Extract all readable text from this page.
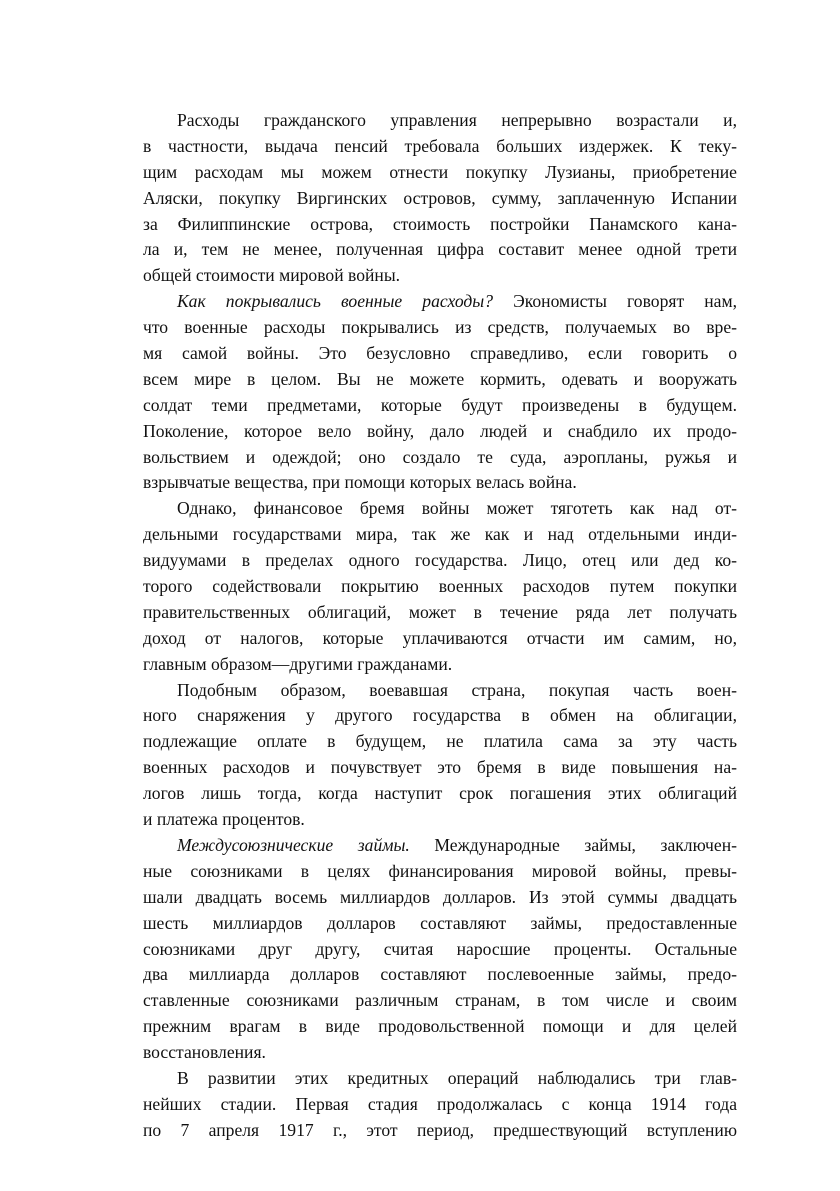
Расходы гражданского управления непрерывно возрастали и,
в частности, выдача пенсий требовала больших издержек. К теку-
щим расходам мы можем отнести покупку Лузианы, приобретение
Аляски, покупку Виргинских островов, сумму, заплаченную Испании
за Филиппинские острова, стоимость постройки Панамского кана-
ла и, тем не менее, полученная цифра составит менее одной трети
общей стоимости мировой войны.
Как покрывались военные расходы? Экономисты говорят нам,
что военные расходы покрывались из средств, получаемых во вре-
мя самой войны. Это безусловно справедливо, если говорить о
всем мире в целом. Вы не можете кормить, одевать и вооружать
солдат теми предметами, которые будут произведены в будущем.
Поколение, которое вело войну, дало людей и снабдило их продо-
вольствием и одеждой; оно создало те суда, аэропланы, ружья и
взрывчатые вещества, при помощи которых велась война.
Однако, финансовое бремя войны может тяготеть как над от-
дельными государствами мира, так же как и над отдельными инди-
видуумами в пределах одного государства. Лицо, отец или дед ко-
торого содействовали покрытию военных расходов путем покупки
правительственных облигаций, может в течение ряда лет получать
доход от налогов, которые уплачиваются отчасти им самим, но,
главным образом—другими гражданами.
Подобным образом, воевавшая страна, покупая часть воен-
ного снаряжения у другого государства в обмен на облигации,
подлежащие оплате в будущем, не платила сама за эту часть
военных расходов и почувствует это бремя в виде повышения на-
логов лишь тогда, когда наступит срок погашения этих облигаций
и платежа процентов.
Междусоюзнические займы. Международные займы, заключен-
ные союзниками в целях финансирования мировой войны, превы-
шали двадцать восемь миллиардов долларов. Из этой суммы двадцать
шесть миллиардов долларов составляют займы, предоставленные
союзниками друг другу, считая наросшие проценты. Остальные
два миллиарда долларов составляют послевоенные займы, предо-
ставленные союзниками различным странам, в том числе и своим
прежним врагам в виде продовольственной помощи и для целей
восстановления.
В развитии этих кредитных операций наблюдались три глав-
нейших стадии. Первая стадия продолжалась с конца 1914 года
по 7 апреля 1917 г., этот период, предшествующий вступлению
